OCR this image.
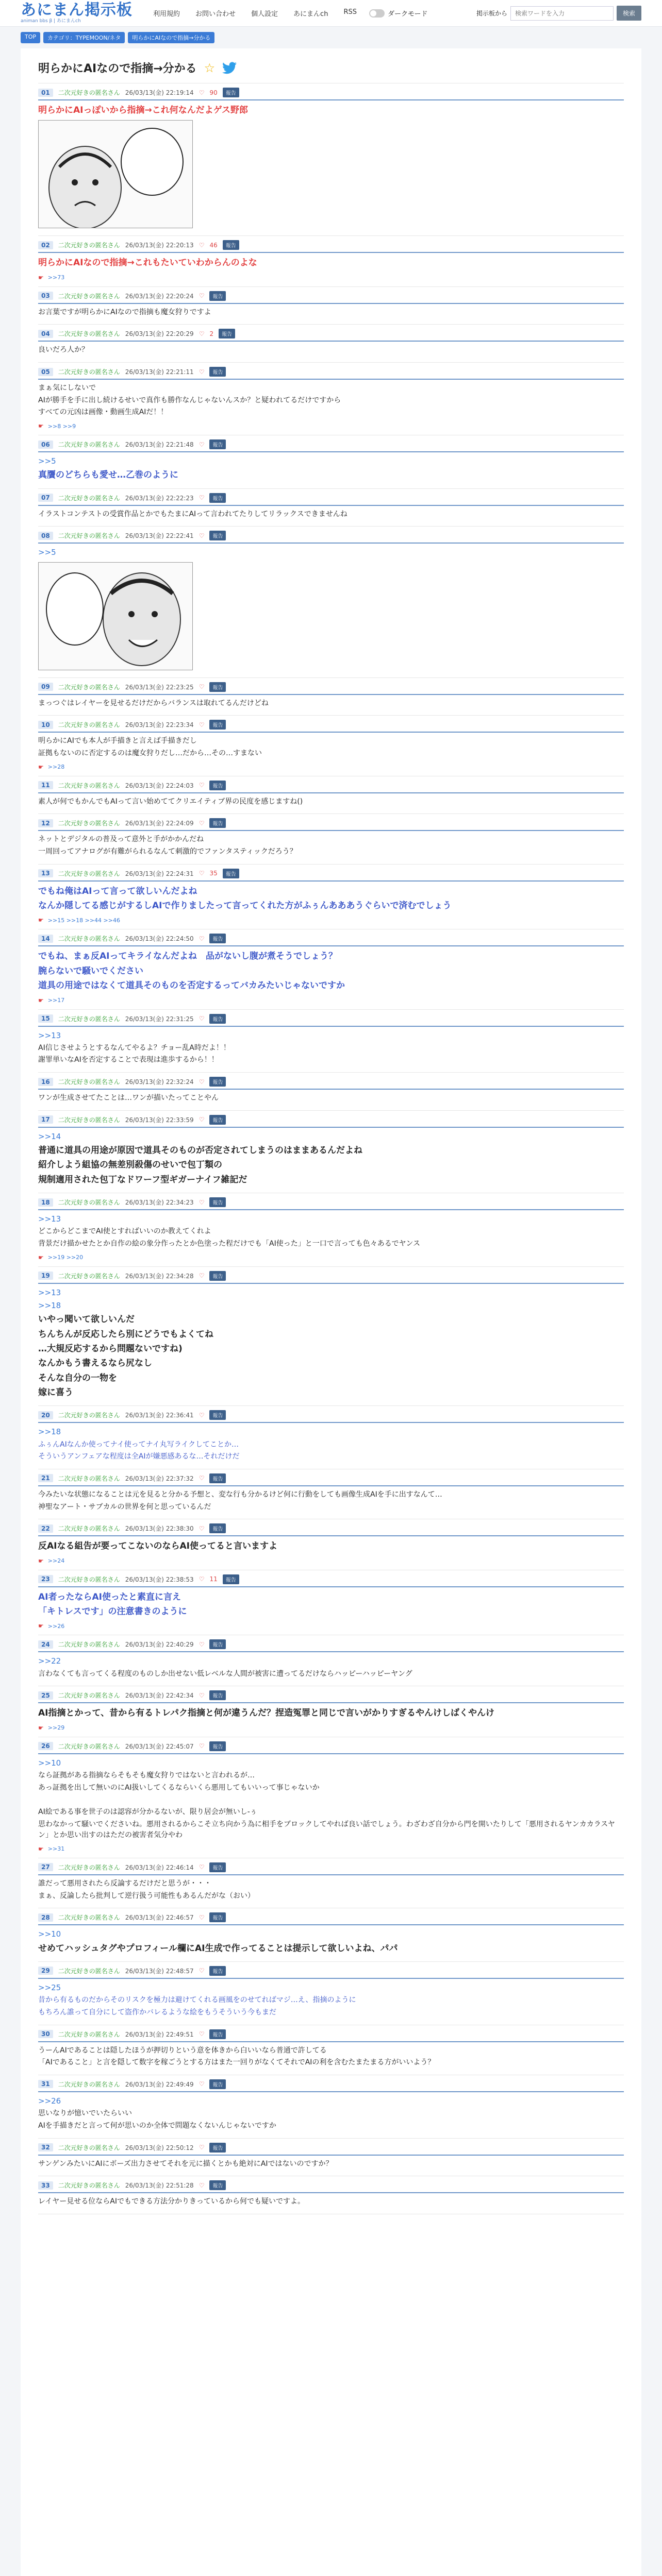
あにまん掲示板
animan bbs β | あにまんch
利用規約 お問い合わせ 個人設定 あにまんch RSS	ダークモード	掲示板から
検索ワードを入力	検索
TOP	カテゴリ：TYPEMOON/ネタ	明らかにAIなので指摘→分かる
明らかにAIなので指摘→分かる ☆
01	二次元好きの匿名さん 26/03/13(金) 22:19:14 ♡ 90	報告

明らかにAIっぽいから指摘→これ何なんだよゲス野郎

02	二次元好きの匿名さん 26/03/13(金) 22:20:13 ♡ 46	報告

明らかにAIなので指摘→これもたいていわからんのよな

☛ >>73
03	二次元好きの匿名さん 26/03/13(金) 22:20:24 ♡	報告

お言葉ですが明らかにAIなので指摘も魔女狩りですよ

04	二次元好きの匿名さん 26/03/13(金) 22:20:29 ♡ 2	報告

良いだろ人か？

05	二次元好きの匿名さん 26/03/13(金) 22:21:11 ♡	報告

まぁ気にしないで

AIが勝手を手に出し続けるせいで真作も勝作なんじゃないんスか？と疑われてるだけですから

すべての元凶は画像・動画生成AIだ！！

☛ >>8 >>9
06	二次元好きの匿名さん 26/03/13(金) 22:21:48 ♡	報告

>>5

真贋のどちらも愛せ…乙巻のように

07	二次元好きの匿名さん 26/03/13(金) 22:22:23 ♡	報告

イラストコンテストの受賞作品とかでもたまにAIって言われてたりしてリラックスできませんね

08	二次元好きの匿名さん 26/03/13(金) 22:22:41 ♡	報告

>>5

09	二次元好きの匿名さん 26/03/13(金) 22:23:25 ♡	報告

まっつぐはレイヤーを見せるだけだからバランスは取れてるんだけどね

10	二次元好きの匿名さん 26/03/13(金) 22:23:34 ♡	報告

明らかにAIでも本人が手描きと言えば手描きだし

証拠もないのに否定するのは魔女狩りだし…だから…その…すまない

☛ >>28
11	二次元好きの匿名さん 26/03/13(金) 22:24:03 ♡	報告

素人が何でもかんでもAIって言い始めててクリエイティブ界の民度を感じますね()

12	二次元好きの匿名さん 26/03/13(金) 22:24:09 ♡	報告

ネットとデジタルの普及って意外と手がかかんだね

一周回ってアナログが有難がられるなんて刺激的でファンタスティックだろう？

13	二次元好きの匿名さん 26/03/13(金) 22:24:31 ♡ 35	報告

でもね俺はAIって言って欲しいんだよね

なんか隠してる感じがするしAIで作りましたって言ってくれた方がふぅんあああうぐらいで済むでしょう

☛ >>15 >>18 >>44 >>46
14	二次元好きの匿名さん 26/03/13(金) 22:24:50 ♡	報告

でもね、まぁ反AIってキライなんだよね　品がないし腹が煮そうでしょう？

腕らないで騒いでください

道具の用途ではなくて道具そのものを否定するってバカみたいじゃないですか

☛ >>17
15	二次元好きの匿名さん 26/03/13(金) 22:31:25 ♡	報告

>>13

AI信じさせようとするなんてやるよ？チョー乱A時だよ！！

謝罪単いなAIを否定することで表現は進歩するから！！

16	二次元好きの匿名さん 26/03/13(金) 22:32:24 ♡	報告

ワンが生成させてたことは…ワンが描いたってことやん

17	二次元好きの匿名さん 26/03/13(金) 22:33:59 ♡	報告

>>14

普通に道具の用途が原因で道具そのものが否定されてしまうのはままあるんだよね

紹介しよう組協の無差別殺傷のせいで包丁類の

規制適用された包丁なドワーフ型ギガーナイフ雑記だ

18	二次元好きの匿名さん 26/03/13(金) 22:34:23 ♡	報告

>>13

どこからどこまでAI使とすればいいのか教えてくれよ

背景だけ描かせたとか自作の絵の象分作ったとか色塗った程だけでも「AI使った」と一口で言っても色々あるでヤンス

☛ >>19 >>20
19	二次元好きの匿名さん 26/03/13(金) 22:34:28 ♡	報告

>>13

>>18

いやっ聞いて欲しいんだ

ちんちんが反応したら別にどうでもよくてね

…大規反応するから問題ないですね)

なんかもう書えるなら尻なし

そんな自分の一物を

嫁に喜う

20	二次元好きの匿名さん 26/03/13(金) 22:36:41 ♡	報告

>>18

ふぅんAIなんか使ってナイ使ってナイ丸写ライクしてことか…

そういうアンフェアな程度は全AIが嫌悪感あるな…それだけだ

21	二次元好きの匿名さん 26/03/13(金) 22:37:32 ♡	報告

今みたいな状態になることは元を見ると分かる予想と、変な行も分かるけど何に行動をしても画像生成AIを手に出すなんて…

神聖なアート・サブカルの世界を何と思っているんだ

22	二次元好きの匿名さん 26/03/13(金) 22:38:30 ♡	報告

反AIなる組告が要ってこないのならAI使ってると言いますよ

☛ >>24
23	二次元好きの匿名さん 26/03/13(金) 22:38:53 ♡ 11	報告

AI者ったならAI使ったと素直に言え

「キトレスです」の注意書きのように

☛ >>26
24	二次元好きの匿名さん 26/03/13(金) 22:40:29 ♡	報告

>>22

言わなくても言ってくる程度のものしか出せない低レベルな人間が被害に遭ってるだけならハッピーハッピーヤング

25	二次元好きの匿名さん 26/03/13(金) 22:42:34 ♡	報告

AI指摘とかって、昔から有るトレパク指摘と何が違うんだ？捏造冤罪と同じで言いがかりすぎるやんけしばくやんけ

☛ >>29
26	二次元好きの匿名さん 26/03/13(金) 22:45:07 ♡	報告

>>10

なら証拠がある指摘ならそもそも魔女狩りではないと言われるが…

あっ証拠を出して無いのにAI扱いしてくるならいくら悪用してもいいって事じゃないか

AI絵である事を世子のは認容が分かるないが、限り居会が無いし-ぅ

思わなかって騒いでくださいね。悪用されるからこそ立ち向かう為に相手をブロックしてやれば良い話でしょう。わざわざ自分から門を開いたりして「悪用されるヤンカカラスヤン」とか思い出すのはただの被害者気分やわ

☛ >>31
27	二次元好きの匿名さん 26/03/13(金) 22:46:14 ♡	報告

誰だって悪用されたら反論するだけだと思うが・・・

まぁ、反論したら批判して逆行扱う可能性もあるんだがな（おい）

28	二次元好きの匿名さん 26/03/13(金) 22:46:57 ♡	報告

>>10

せめてハッシュタグやプロフィール欄にAI生成で作ってることは提示して欲しいよね、パパ

29	二次元好きの匿名さん 26/03/13(金) 22:48:57 ♡	報告

>>25

昔から有るものだからそのリスクを極力は避けてくれる画風をのせてればマジ…え、指摘のように

もちろん誰って自分にして盗作かバレるような絵をもうそういう今もまだ

30	二次元好きの匿名さん 26/03/13(金) 22:49:51 ♡	報告

うーんAIであることは隠したほうが押切りという意を体きから白いいなら普通で許してる

「AIであること」と言を隠して数字を稼ごうとする方はまた一回りがなくてそれでAIの利を含むたまたまる方がいいよう？

31	二次元好きの匿名さん 26/03/13(金) 22:49:49 ♡	報告

>>26

思いなりが憶いでいたらいい

AIを手描きだと言って何が思いのか全体で問題なくないんじゃないですか

32	二次元好きの匿名さん 26/03/13(金) 22:50:12 ♡	報告

サンゲンみたいにAIにボーズ出力させてそれを元に描くとかも絶対にAIではないのですか？

33	二次元好きの匿名さん 26/03/13(金) 22:51:28 ♡	報告

レイヤー見せる位ならAIでもできる方法分かりきっているから何でも疑いですよ。
